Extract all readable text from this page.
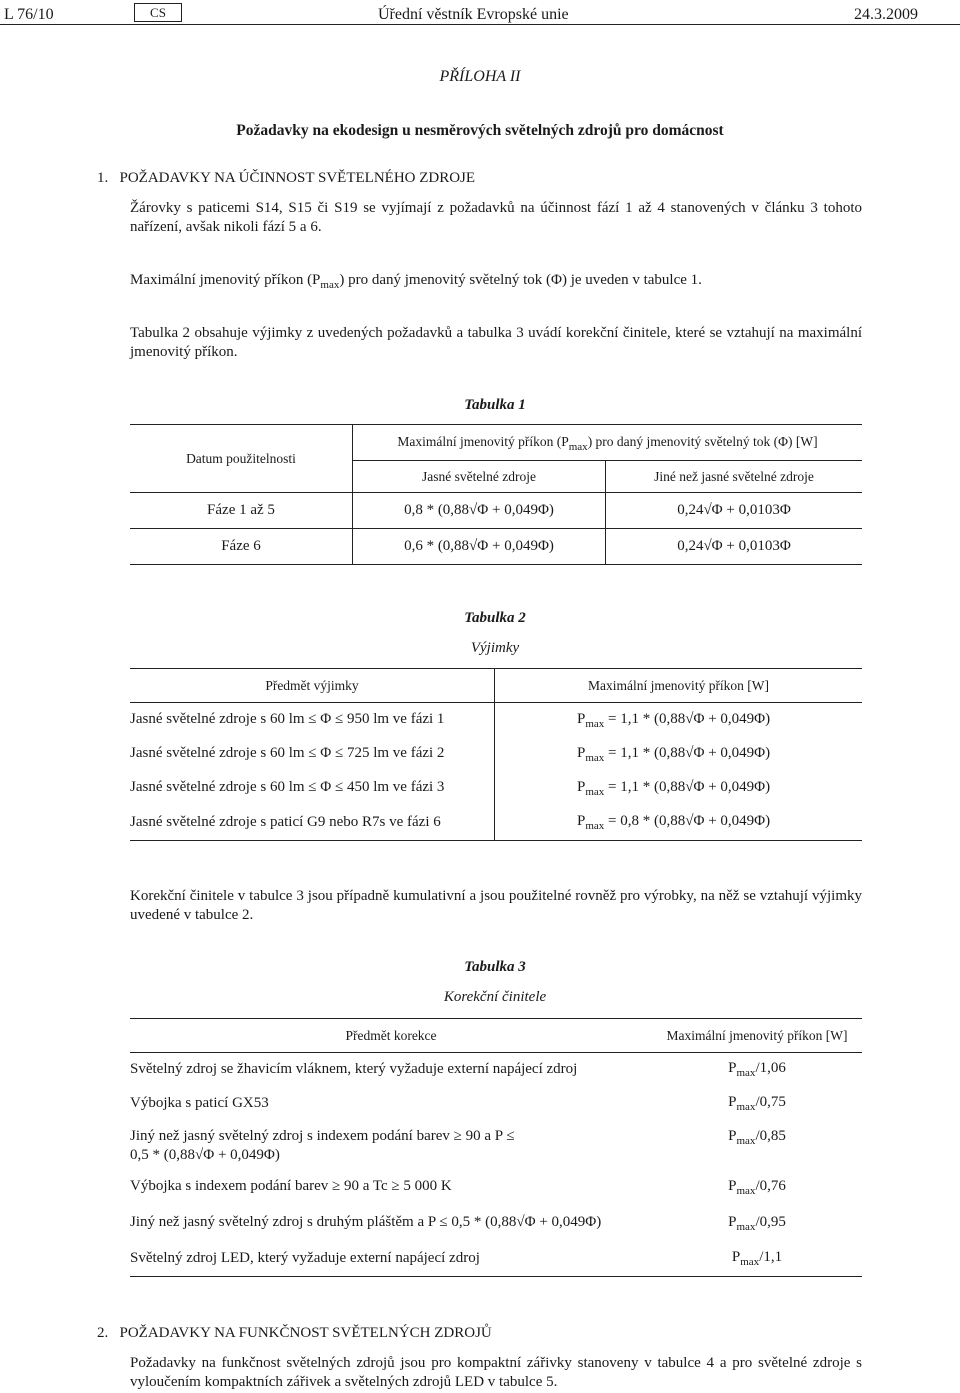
L 76/10	CS	Úřední věstník Evropské unie	24.3.2009
PŘÍLOHA II
Požadavky na ekodesign u nesměrových světelných zdrojů pro domácnost
1.   POŽADAVKY NA ÚČINNOST SVĚTELNÉHO ZDROJE
Žárovky s paticemi S14, S15 či S19 se vyjímají z požadavků na účinnost fází 1 až 4 stanovených v článku 3 tohoto nařízení, avšak nikoli fází 5 a 6.
Maximální jmenovitý příkon $(P_{max})$ pro daný jmenovitý světelný tok (Φ) je uveden v tabulce 1.
Tabulka 2 obsahuje výjimky z uvedených požadavků a tabulka 3 uvádí korekční činitele, které se vztahují na maximální jmenovitý příkon.
Tabulka 1
Datum použitelnosti	Maximální jmenovitý příkon $(P_{max})$ pro daný jmenovitý světelný tok (Φ) [W]	
	Jasné světelné zdroje	Jiné než jasné světelné zdroje
Fáze 1 až 5	0,8 * (0,88√Φ + 0,049Φ)	0,24√Φ + 0,0103Φ
Fáze 6	0,6 * (0,88√Φ + 0,049Φ)	0,24√Φ + 0,0103Φ
Tabulka 2
Výjimky
Předmět výjimky	Maximální jmenovitý příkon [W]
Jasné světelné zdroje s 60 lm ≤ Φ ≤ 950 lm ve fázi 1	$P_{max} = 1,1 * (0,88√\Phi + 0,049\Phi)$
Jasné světelné zdroje s 60 lm ≤ Φ ≤ 725 lm ve fázi 2	$P_{max} = 1,1 * (0,88√\Phi + 0,049\Phi)$
Jasné světelné zdroje s 60 lm ≤ Φ ≤ 450 lm ve fázi 3	$P_{max} = 1,1 * (0,88√\Phi + 0,049\Phi)$
Jasné světelné zdroje s paticí G9 nebo R7s ve fázi 6	$P_{max} = 0,8 * (0,88√\Phi + 0,049\Phi)$
Korekční činitele v tabulce 3 jsou případně kumulativní a jsou použitelné rovněž pro výrobky, na něž se vztahují výjimky uvedené v tabulce 2.
Tabulka 3
Korekční činitele
Předmět korekce	Maximální jmenovitý příkon [W]
Světelný zdroj se žhavicím vláknem, který vyžaduje externí napájecí zdroj	$P_{max}/1,06$
Výbojka s paticí GX53	$P_{max}/0,75$
Jiný než jasný světelný zdroj s indexem podání barev ≥ 90 a P ≤ 0,5 * (0,88√Φ + 0,049Φ)	$P_{max}/0,85$
Výbojka s indexem podání barev ≥ 90 a Tc ≥ 5 000 K	$P_{max}/0,76$
Jiný než jasný světelný zdroj s druhým pláštěm a P ≤ 0,5 * (0,88√Φ + 0,049Φ)	$P_{max}/0,95$
Světelný zdroj LED, který vyžaduje externí napájecí zdroj	$P_{max}/1,1$
2.   POŽADAVKY NA FUNKČNOST SVĚTELNÝCH ZDROJŮ
Požadavky na funkčnost světelných zdrojů jsou pro kompaktní zářivky stanoveny v tabulce 4 a pro světelné zdroje s vyloučením kompaktních zářivek a světelných zdrojů LED v tabulce 5.
